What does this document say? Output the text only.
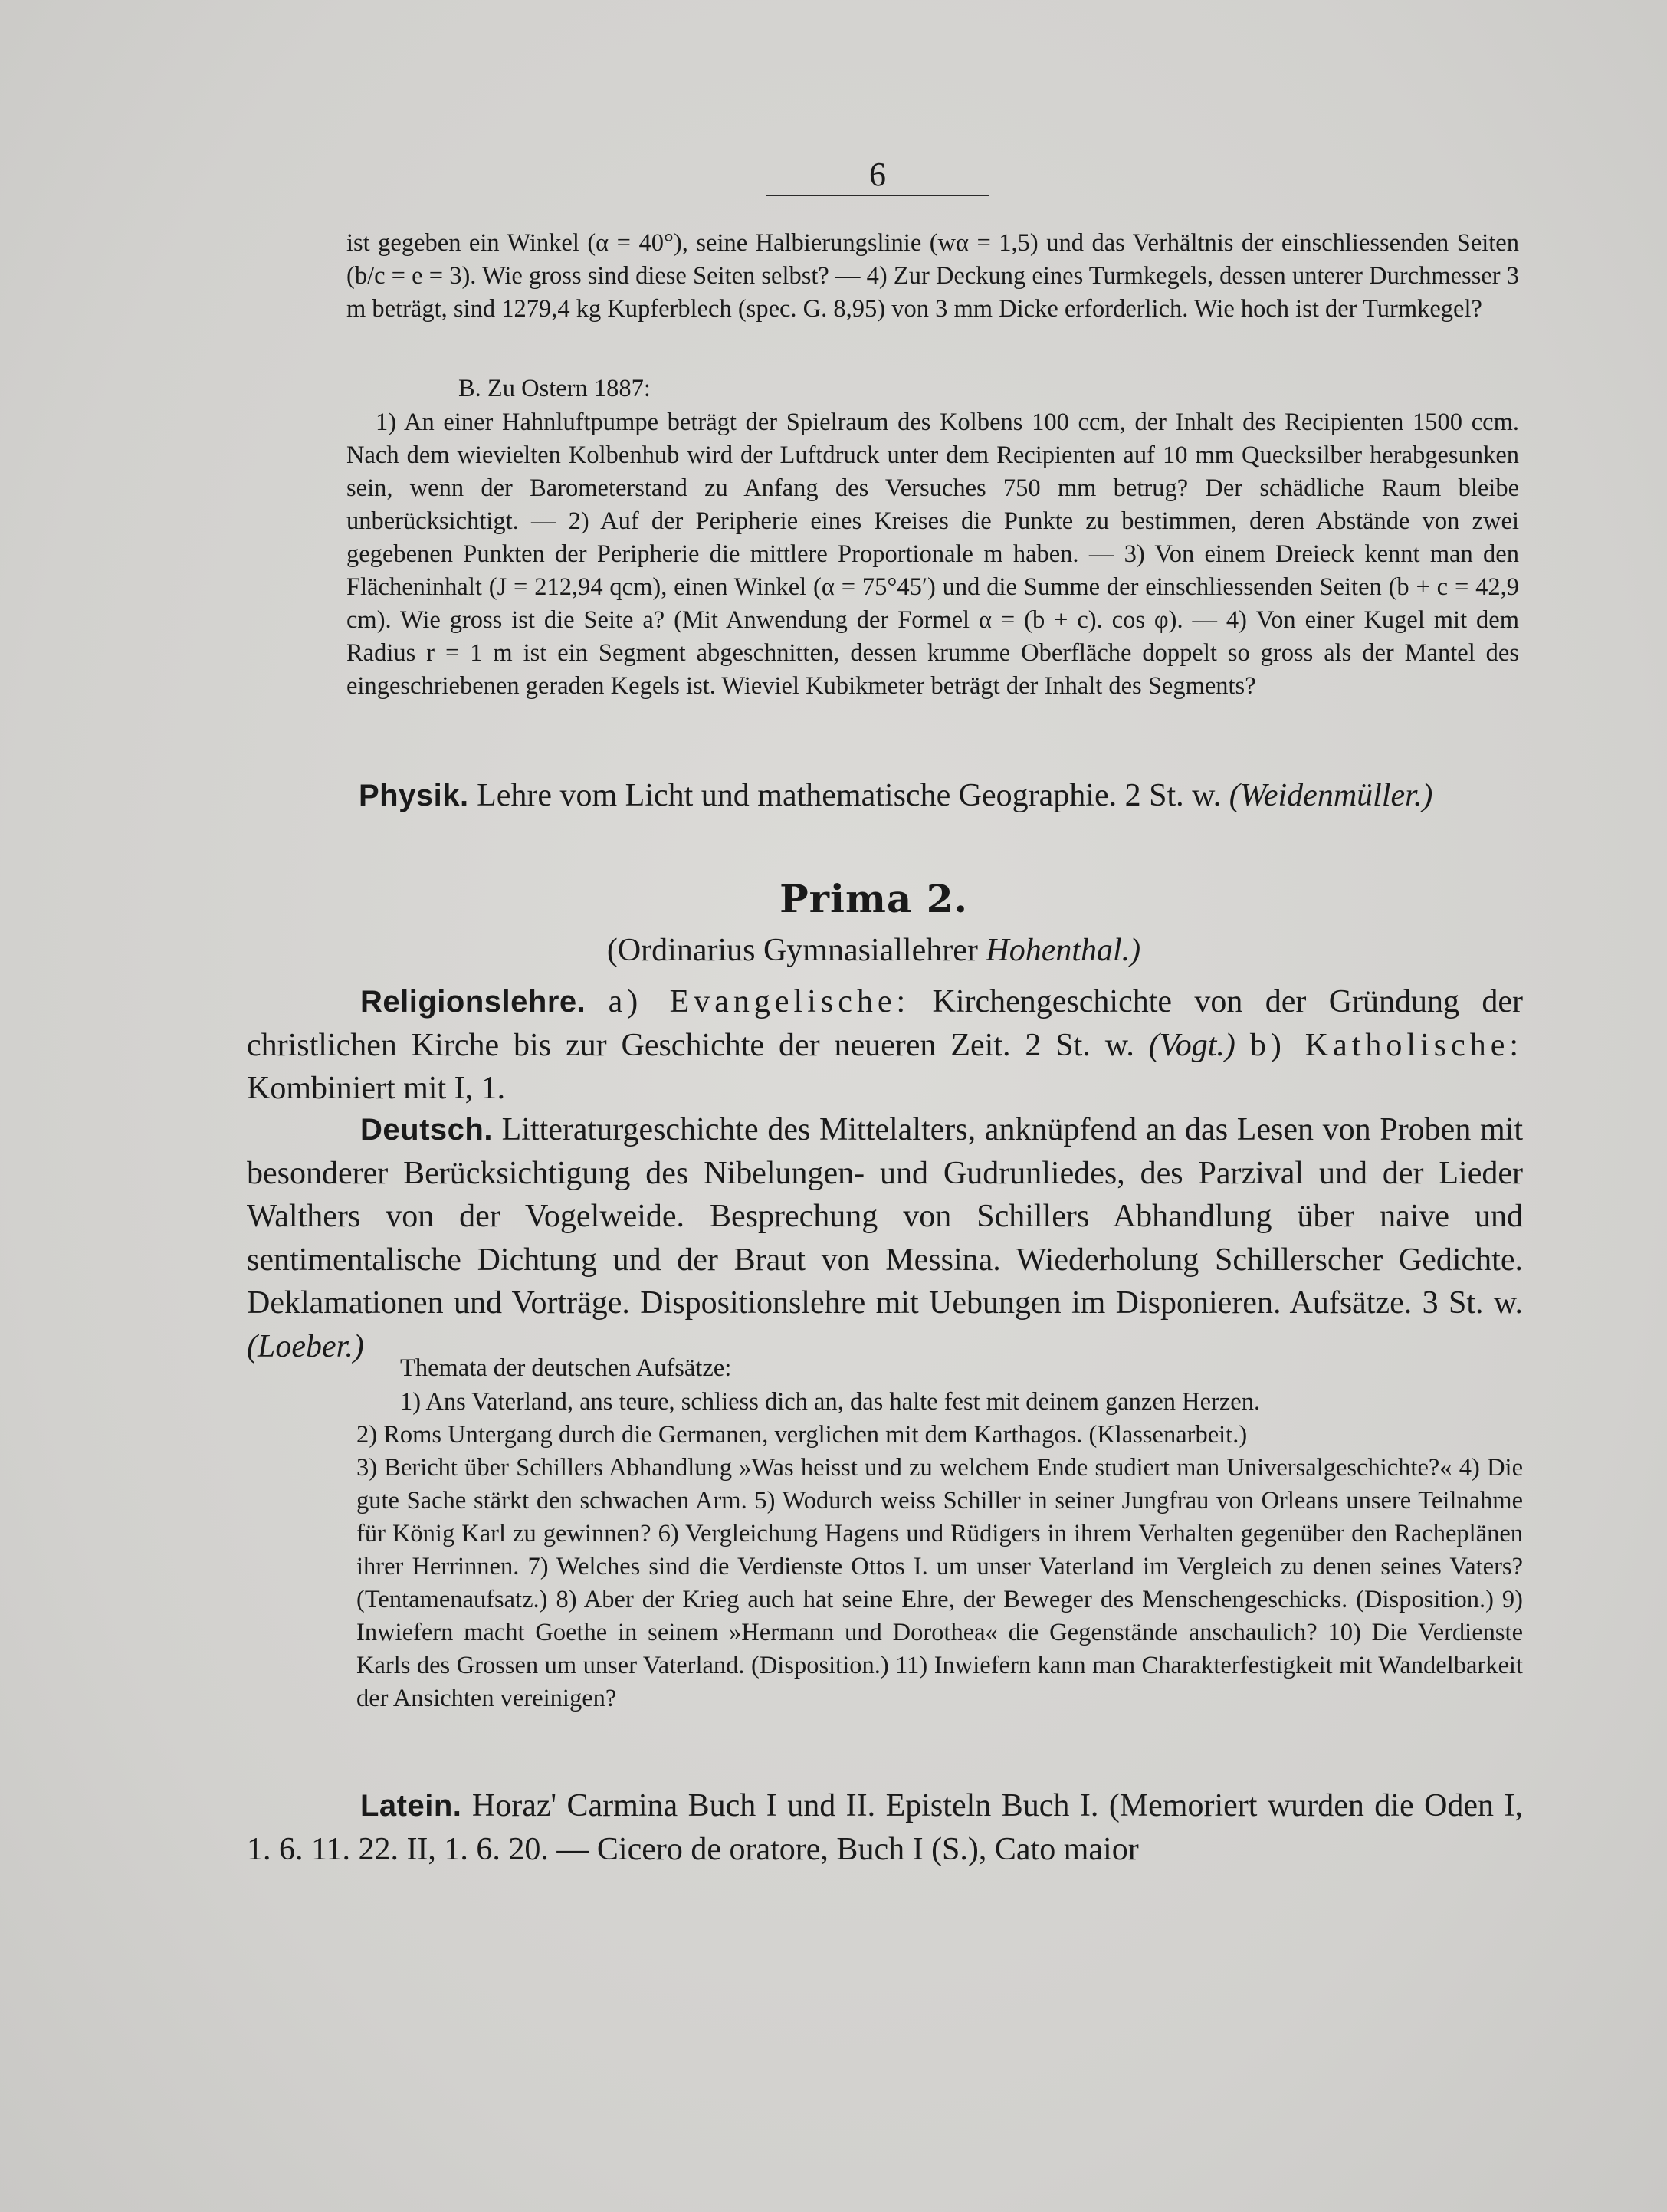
6

ist gegeben ein Winkel (α = 40°), seine Halbierungslinie (wα = 1,5) und das Verhältnis der einschliessenden Seiten (b/c = e = 3). Wie gross sind diese Seiten selbst? — 4) Zur Deckung eines Turmkegels, dessen unterer Durchmesser 3 m beträgt, sind 1279,4 kg Kupferblech (spec. G. 8,95) von 3 mm Dicke erforderlich. Wie hoch ist der Turmkegel?

B. Zu Ostern 1887:

1) An einer Hahnluftpumpe beträgt der Spielraum des Kolbens 100 ccm, der Inhalt des Recipienten 1500 ccm. Nach dem wievielten Kolbenhub wird der Luftdruck unter dem Recipienten auf 10 mm Quecksilber herabgesunken sein, wenn der Barometerstand zu Anfang des Versuches 750 mm betrug? Der schädliche Raum bleibe unberücksichtigt. — 2) Auf der Peripherie eines Kreises die Punkte zu bestimmen, deren Abstände von zwei gegebenen Punkten der Peripherie die mittlere Proportionale m haben. — 3) Von einem Dreieck kennt man den Flächeninhalt (J = 212,94 qcm), einen Winkel (α = 75°45′) und die Summe der einschliessenden Seiten (b + c = 42,9 cm). Wie gross ist die Seite a? (Mit Anwendung der Formel α = (b + c). cos φ). — 4) Von einer Kugel mit dem Radius r = 1 m ist ein Segment abgeschnitten, dessen krumme Oberfläche doppelt so gross als der Mantel des eingeschriebenen geraden Kegels ist. Wieviel Kubikmeter beträgt der Inhalt des Segments?

Physik. Lehre vom Licht und mathematische Geographie. 2 St. w. (Weidenmüller.)

Prima 2.

(Ordinarius Gymnasiallehrer Hohenthal.)

Religionslehre. a) Evangelische: Kirchengeschichte von der Gründung der christlichen Kirche bis zur Geschichte der neueren Zeit. 2 St. w. (Vogt.) b) Katholische: Kombiniert mit I, 1.

Deutsch. Litteraturgeschichte des Mittelalters, anknüpfend an das Lesen von Proben mit besonderer Berücksichtigung des Nibelungen- und Gudrunliedes, des Parzival und der Lieder Walthers von der Vogelweide. Besprechung von Schillers Abhandlung über naive und sentimentalische Dichtung und der Braut von Messina. Wiederholung Schillerscher Gedichte. Deklamationen und Vorträge. Dispositionslehre mit Uebungen im Disponieren. Aufsätze. 3 St. w. (Loeber.)

Themata der deutschen Aufsätze:

1) Ans Vaterland, ans teure, schliess dich an, das halte fest mit deinem ganzen Herzen.

2) Roms Untergang durch die Germanen, verglichen mit dem Karthagos. (Klassenarbeit.)

3) Bericht über Schillers Abhandlung »Was heisst und zu welchem Ende studiert man Universalgeschichte?« 4) Die gute Sache stärkt den schwachen Arm. 5) Wodurch weiss Schiller in seiner Jungfrau von Orleans unsere Teilnahme für König Karl zu gewinnen? 6) Vergleichung Hagens und Rüdigers in ihrem Verhalten gegenüber den Racheplänen ihrer Herrinnen. 7) Welches sind die Verdienste Ottos I. um unser Vaterland im Vergleich zu denen seines Vaters? (Tentamenaufsatz.) 8) Aber der Krieg auch hat seine Ehre, der Beweger des Menschengeschicks. (Disposition.) 9) Inwiefern macht Goethe in seinem »Hermann und Dorothea« die Gegenstände anschaulich? 10) Die Verdienste Karls des Grossen um unser Vaterland. (Disposition.) 11) Inwiefern kann man Charakterfestigkeit mit Wandelbarkeit der Ansichten vereinigen?

Latein. Horaz' Carmina Buch I und II. Episteln Buch I. (Memoriert wurden die Oden I, 1. 6. 11. 22. II, 1. 6. 20. — Cicero de oratore, Buch I (S.), Cato maior
